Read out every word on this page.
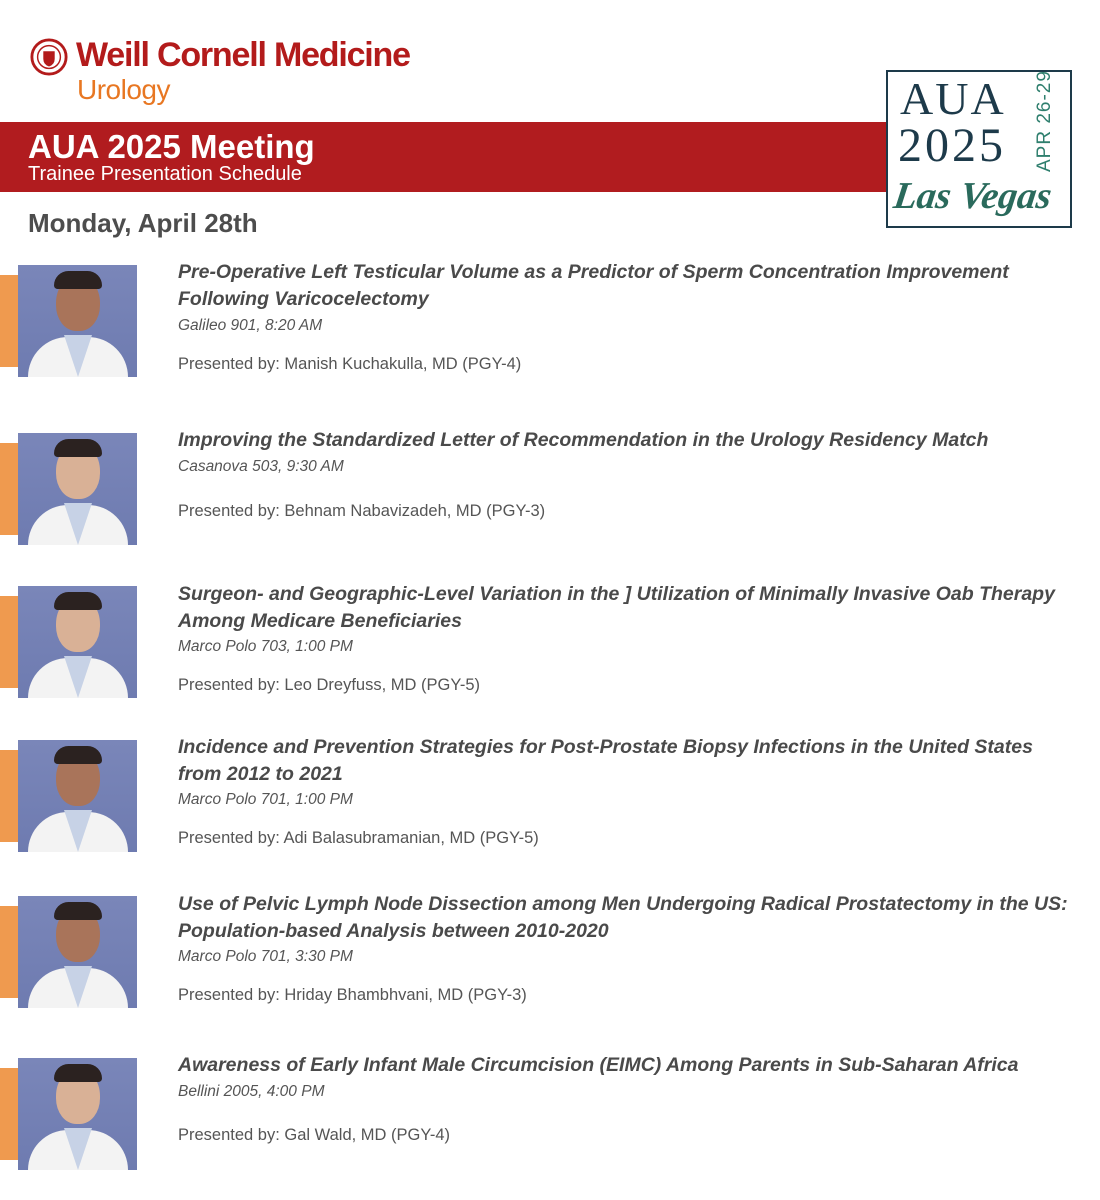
Weill Cornell Medicine
Urology
AUA 2025 Meeting
Trainee Presentation Schedule
AUA
2025 APR 26-29
Las Vegas
Monday, April 28th
Pre-Operative Left Testicular Volume as a Predictor of Sperm Concentration Improvement Following Varicocelectomy
Galileo 901, 8:20 AM
Presented by: Manish Kuchakulla, MD (PGY-4)
Improving the Standardized Letter of Recommendation in the Urology Residency Match
Casanova 503, 9:30 AM
Presented by: Behnam Nabavizadeh, MD (PGY-3)
Surgeon- and Geographic-Level Variation in the ] Utilization of Minimally Invasive Oab Therapy Among Medicare Beneficiaries
Marco Polo 703, 1:00 PM
Presented by: Leo Dreyfuss, MD (PGY-5)
Incidence and Prevention Strategies for Post-Prostate Biopsy Infections in the United States from 2012 to 2021
Marco Polo 701, 1:00 PM
Presented by: Adi Balasubramanian, MD (PGY-5)
Use of Pelvic Lymph Node Dissection among Men Undergoing Radical Prostatectomy in the US: Population-based Analysis between 2010-2020
Marco Polo 701, 3:30 PM
Presented by: Hriday Bhambhvani, MD (PGY-3)
Awareness of Early Infant Male Circumcision (EIMC) Among Parents in Sub-Saharan Africa
Bellini 2005, 4:00 PM
Presented by: Gal Wald, MD (PGY-4)
